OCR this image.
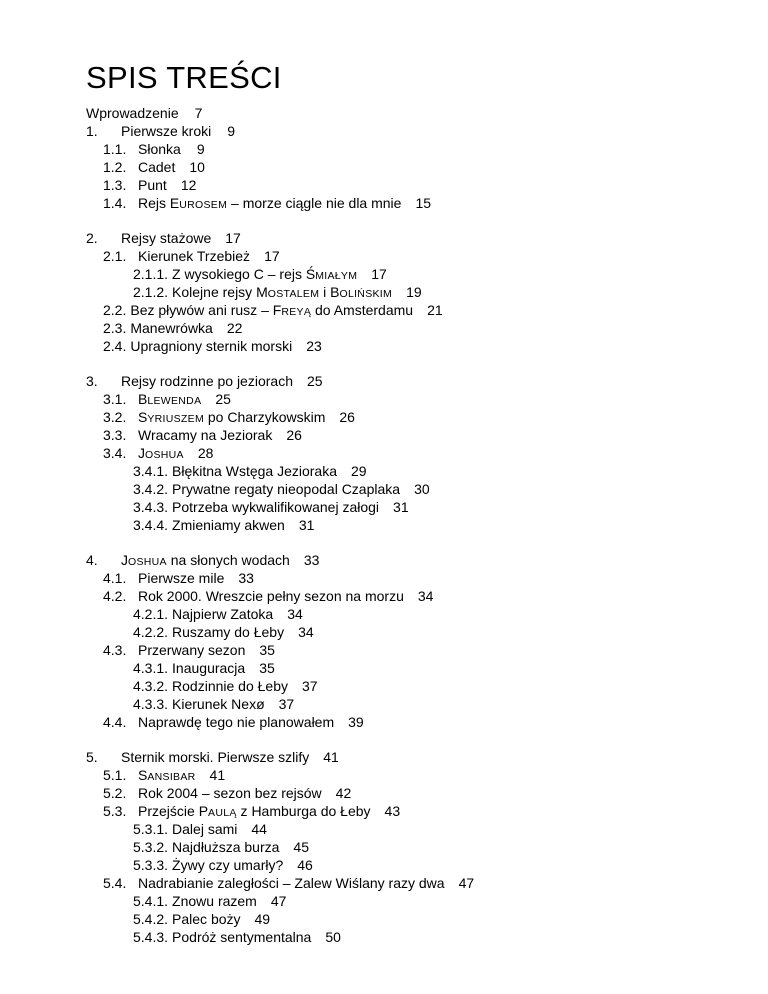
SPIS TREŚCI
Wprowadzenie 7
1. Pierwsze kroki 9
1.1. Słonka 9
1.2. Cadet 10
1.3. Punt 12
1.4. Rejs EUROSEM – morze ciągle nie dla mnie 15
2. Rejsy stażowe 17
2.1. Kierunek Trzebież 17
2.1.1. Z wysokiego C – rejs ŚMIAŁYM 17
2.1.2. Kolejne rejsy MOSTALEM i BOLIŃSKIM 19
2.2. Bez pływów ani rusz – FREYĄ do Amsterdamu 21
2.3. Manewrówka 22
2.4. Upragniony sternik morski 23
3. Rejsy rodzinne po jeziorach 25
3.1. BLEWENDA 25
3.2. SYRIUSZEM po Charzykowskim 26
3.3. Wracamy na Jeziorak 26
3.4. JOSHUA 28
3.4.1. Błękitna Wstęga Jezioraka 29
3.4.2. Prywatne regaty nieopodal Czaplaka 30
3.4.3. Potrzeba wykwalifikowanej załogi 31
3.4.4. Zmieniamy akwen 31
4. JOSHUA na słonych wodach 33
4.1. Pierwsze mile 33
4.2. Rok 2000. Wreszcie pełny sezon na morzu 34
4.2.1. Najpierw Zatoka 34
4.2.2. Ruszamy do Łeby 34
4.3. Przerwany sezon 35
4.3.1. Inauguracja 35
4.3.2. Rodzinnie do Łeby 37
4.3.3. Kierunek Nexø 37
4.4. Naprawdę tego nie planowałem 39
5. Sternik morski. Pierwsze szlify 41
5.1. SANSIBAR 41
5.2. Rok 2004 – sezon bez rejsów 42
5.3. Przejście PAULĄ z Hamburga do Łeby 43
5.3.1. Dalej sami 44
5.3.2. Najdłuższa burza 45
5.3.3. Żywy czy umarły? 46
5.4. Nadrabianie zaległości – Zalew Wiślany razy dwa 47
5.4.1. Znowu razem 47
5.4.2. Palec boży 49
5.4.3. Podróż sentymentalna 50
